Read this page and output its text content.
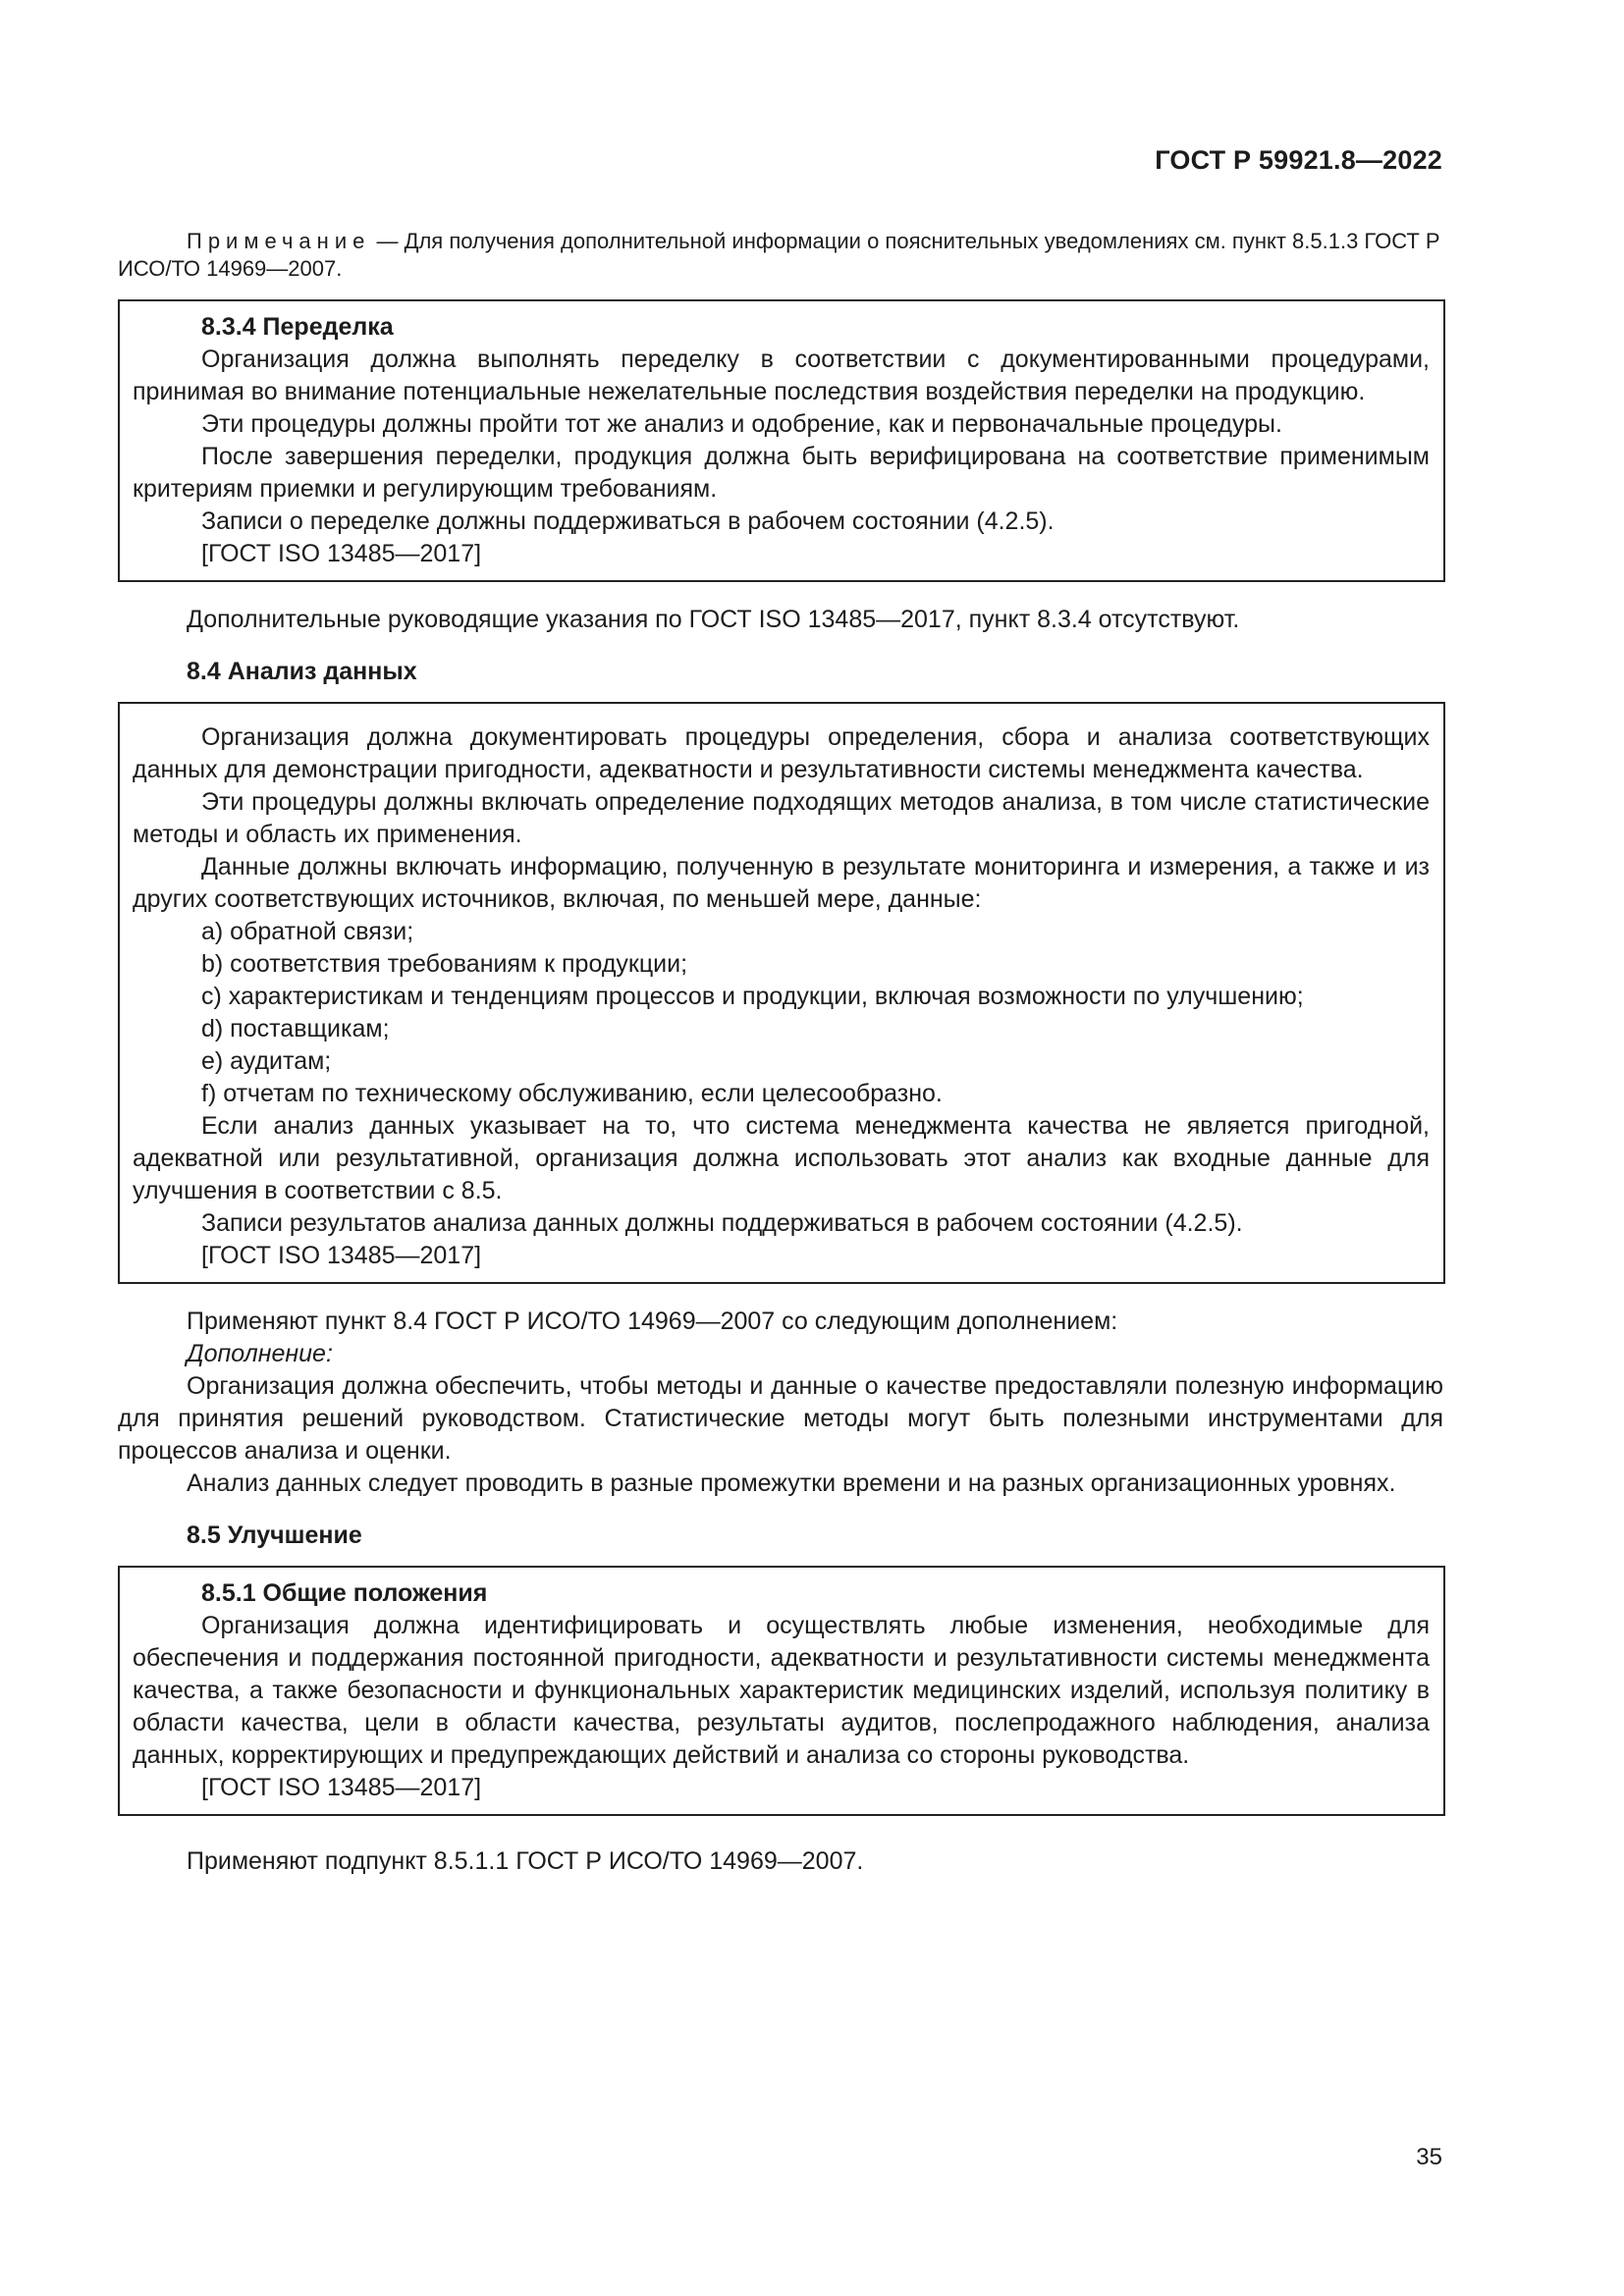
ГОСТ Р 59921.8—2022

Примечание — Для получения дополнительной информации о пояснительных уведомлениях см. пункт 8.5.1.3 ГОСТ Р ИСО/ТО 14969—2007.

8.3.4 Переделка

Организация должна выполнять переделку в соответствии с документированными процедурами, принимая во внимание потенциальные нежелательные последствия воздействия переделки на продукцию.

Эти процедуры должны пройти тот же анализ и одобрение, как и первоначальные процедуры.

После завершения переделки, продукция должна быть верифицирована на соответствие применимым критериям приемки и регулирующим требованиям.

Записи о переделке должны поддерживаться в рабочем состоянии (4.2.5).

[ГОСТ ISO 13485—2017]

Дополнительные руководящие указания по ГОСТ ISO 13485—2017, пункт 8.3.4 отсутствуют.

8.4 Анализ данных

Организация должна документировать процедуры определения, сбора и анализа соответствующих данных для демонстрации пригодности, адекватности и результативности системы менеджмента качества.

Эти процедуры должны включать определение подходящих методов анализа, в том числе статистические методы и область их применения.

Данные должны включать информацию, полученную в результате мониторинга и измерения, а также и из других соответствующих источников, включая, по меньшей мере, данные:

a) обратной связи;

b) соответствия требованиям к продукции;

c) характеристикам и тенденциям процессов и продукции, включая возможности по улучшению;

d) поставщикам;

e) аудитам;

f) отчетам по техническому обслуживанию, если целесообразно.

Если анализ данных указывает на то, что система менеджмента качества не является пригодной, адекватной или результативной, организация должна использовать этот анализ как входные данные для улучшения в соответствии с 8.5.

Записи результатов анализа данных должны поддерживаться в рабочем состоянии (4.2.5).

[ГОСТ ISO 13485—2017]

Применяют пункт 8.4 ГОСТ Р ИСО/ТО 14969—2007 со следующим дополнением:

Дополнение:

Организация должна обеспечить, чтобы методы и данные о качестве предоставляли полезную информацию для принятия решений руководством. Статистические методы могут быть полезными инструментами для процессов анализа и оценки.

Анализ данных следует проводить в разные промежутки времени и на разных организационных уровнях.

8.5 Улучшение

8.5.1 Общие положения

Организация должна идентифицировать и осуществлять любые изменения, необходимые для обеспечения и поддержания постоянной пригодности, адекватности и результативности системы менеджмента качества, а также безопасности и функциональных характеристик медицинских изделий, используя политику в области качества, цели в области качества, результаты аудитов, послепродажного наблюдения, анализа данных, корректирующих и предупреждающих действий и анализа со стороны руководства.

[ГОСТ ISO 13485—2017]

Применяют подпункт 8.5.1.1 ГОСТ Р ИСО/ТО 14969—2007.

35
